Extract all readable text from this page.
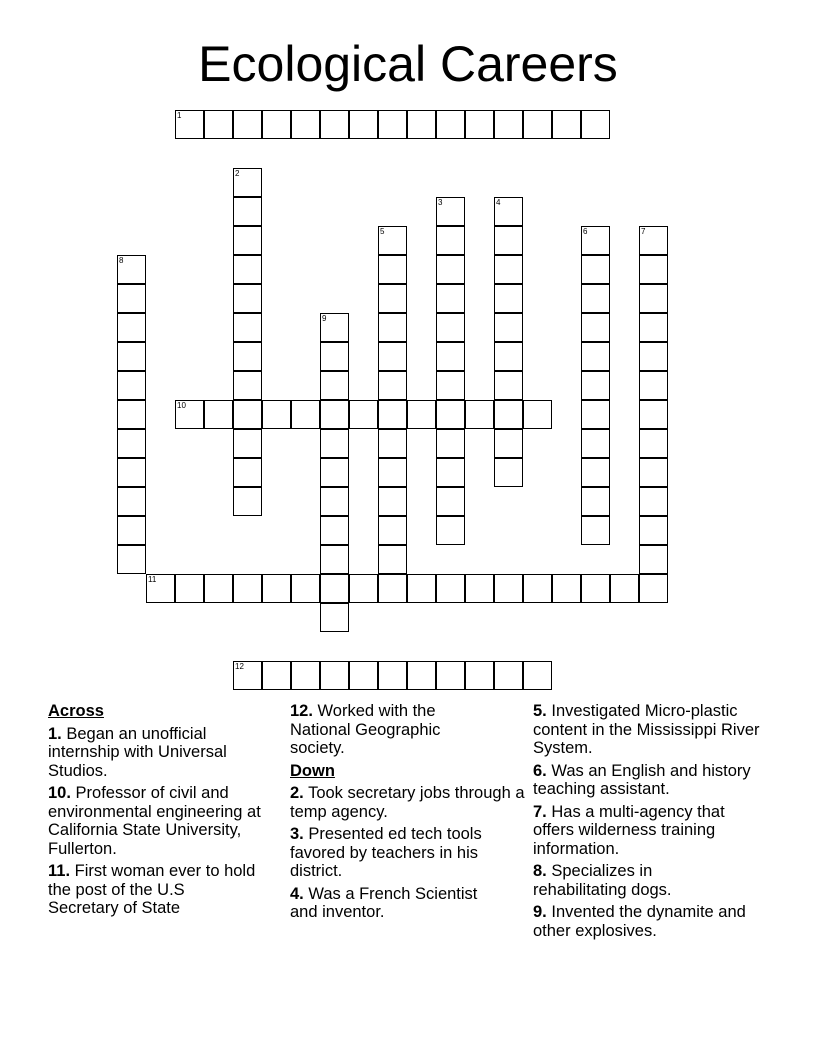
Ecological Careers
1
2
3	4
5	6	7
8
9
10
11
12
Across
1. Began an unofficial internship with Universal Studios.
10. Professor of civil and environmental engineering at California State University, Fullerton.
11. First woman ever to hold the post of the U.S Secretary of State
12. Worked with the National Geographic society.
Down
2. Took secretary jobs through a temp agency.
3. Presented ed tech tools favored by teachers in his district.
4. Was a French Scientist and inventor.
5. Investigated Micro-plastic content in the Mississippi River System.
6. Was an English and history teaching assistant.
7. Has a multi-agency that offers wilderness training information.
8. Specializes in rehabilitating dogs.
9. Invented the dynamite and other explosives.
